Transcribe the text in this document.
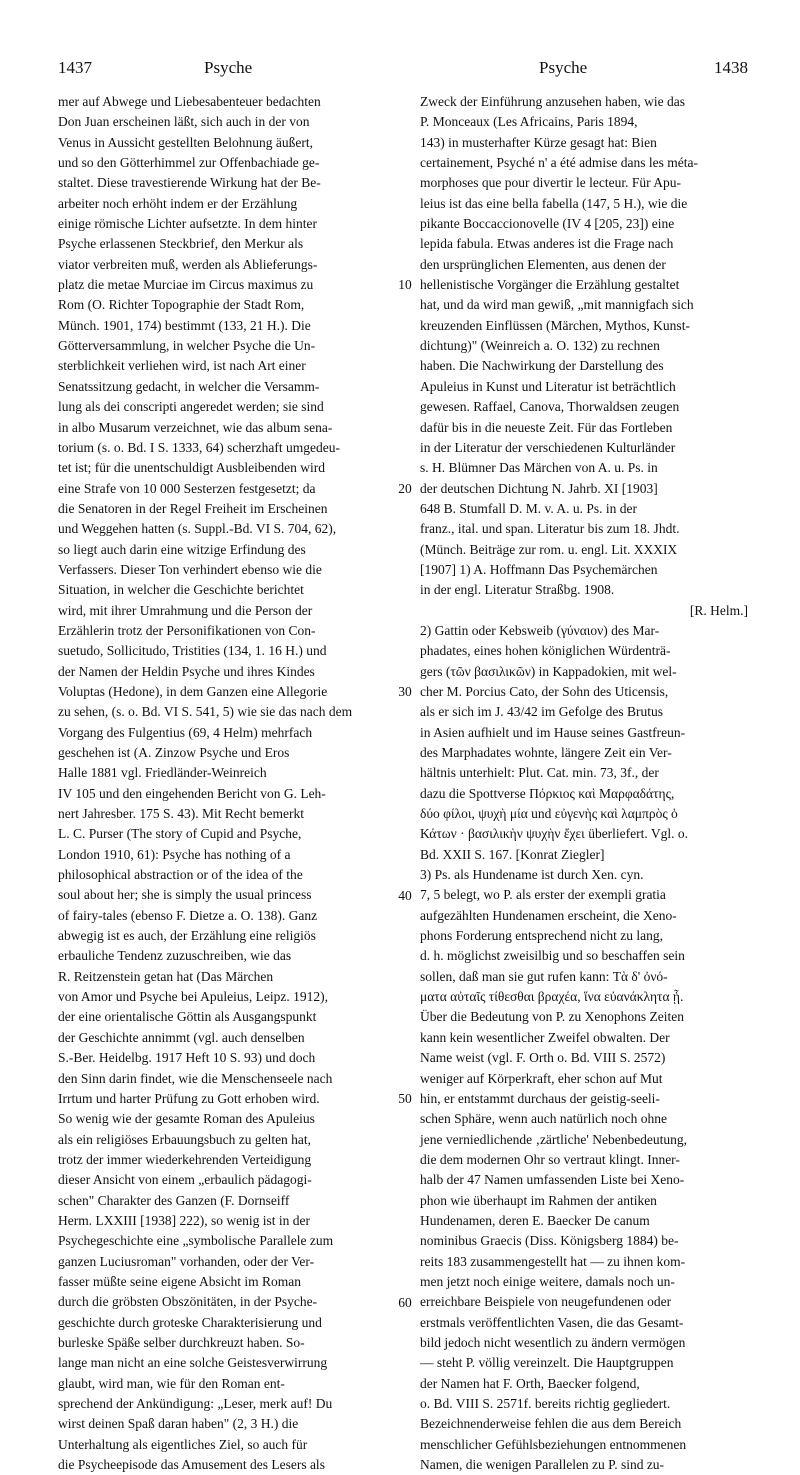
1437	Psyche	Psyche	1438
mer auf Abwege und Liebesabenteuer bedachten
Don Juan erscheinen läßt, sich auch in der von
Venus in Aussicht gestellten Belohnung äußert,
und so den Götterhimmel zur Offenbachiade ge-
staltet. Diese travestierende Wirkung hat der Be-
arbeiter noch erhöht indem er der Erzählung
einige römische Lichter aufsetzte. In dem hinter
Psyche erlassenen Steckbrief, den Merkur als
viator verbreiten muß, werden als Ablieferungs-
platz die metae Murciae im Circus maximus zu
Rom (O. Richter Topographie der Stadt Rom,
Münch. 1901, 174) bestimmt (133, 21 H.). Die
Götterversammlung, in welcher Psyche die Un-
sterblichkeit verliehen wird, ist nach Art einer
Senatssitzung gedacht, in welcher die Versamm-
lung als dei conscripti angeredet werden; sie sind
in albo Musarum verzeichnet, wie das album sena-
torium (s. o. Bd. I S. 1333, 64) scherzhaft umgedeu-
tet ist; für die unentschuldigt Ausbleibenden wird
eine Strafe von 10 000 Sesterzen festgesetzt; da
die Senatoren in der Regel Freiheit im Erscheinen
und Weggehen hatten (s. Suppl.-Bd. VI S. 704, 62),
so liegt auch darin eine witzige Erfindung des
Verfassers. Dieser Ton verhindert ebenso wie die
Situation, in welcher die Geschichte berichtet
wird, mit ihrer Umrahmung und die Person der
Erzählerin trotz der Personifikationen von Con-
suetudo, Sollicitudo, Tristities (134, 1. 16 H.) und
der Namen der Heldin Psyche und ihres Kindes
Voluptas (Hedone), in dem Ganzen eine Allegorie
zu sehen, (s. o. Bd. VI S. 541, 5) wie sie das nach dem
Vorgang des Fulgentius (69, 4 Helm) mehrfach
geschehen ist (A. Zinzow Psyche und Eros
Halle 1881 vgl. Friedländer-Weinreich
IV 105 und den eingehenden Bericht von G. Leh-
nert Jahresber. 175 S. 43). Mit Recht bemerkt
L. C. Purser (The story of Cupid and Psyche,
London 1910, 61): Psyche has nothing of a
philosophical abstraction or of the idea of the
soul about her; she is simply the usual princess
of fairy-tales (ebenso F. Dietze a. O. 138). Ganz
abwegig ist es auch, der Erzählung eine religiös
erbauliche Tendenz zuzuschreiben, wie das
R. Reitzenstein getan hat (Das Märchen
von Amor und Psyche bei Apuleius, Leipz. 1912),
der eine orientalische Göttin als Ausgangspunkt
der Geschichte annimmt (vgl. auch denselben
S.-Ber. Heidelbg. 1917 Heft 10 S. 93) und doch
den Sinn darin findet, wie die Menschenseele nach
Irrtum und harter Prüfung zu Gott erhoben wird.
So wenig wie der gesamte Roman des Apuleius
als ein religiöses Erbauungsbuch zu gelten hat,
trotz der immer wiederkehrenden Verteidigung
dieser Ansicht von einem „erbaulich pädagogi-
schen" Charakter des Ganzen (F. Dornseiff
Herm. LXXIII [1938] 222), so wenig ist in der
Psychegeschichte eine „symbolische Parallele zum
ganzen Luciusroman" vorhanden, oder der Ver-
fasser müßte seine eigene Absicht im Roman
durch die gröbsten Obszönitäten, in der Psyche-
geschichte durch groteske Charakterisierung und
burleske Späße selber durchkreuzt haben. So-
lange man nicht an eine solche Geistesverwirrung
glaubt, wird man, wie für den Roman ent-
sprechend der Ankündigung: „Leser, merk auf! Du
wirst deinen Spaß daran haben" (2, 3 H.) die
Unterhaltung als eigentliches Ziel, so auch für
die Psycheepisode das Amusement des Lesers als
10
20
30
40
50
60
Zweck der Einführung anzusehen haben, wie das
P. Monceaux (Les Africains, Paris 1894,
143) in musterhafter Kürze gesagt hat: Bien
certainement, Psyché n' a été admise dans les méta-
morphoses que pour divertir le lecteur. Für Apu-
leius ist das eine bella fabella (147, 5 H.), wie die
pikante Boccaccionovelle (IV 4 [205, 23]) eine
lepida fabula. Etwas anderes ist die Frage nach
den ursprünglichen Elementen, aus denen der
hellenistische Vorgänger die Erzählung gestaltet
hat, und da wird man gewiß, „mit mannigfach sich
kreuzenden Einflüssen (Märchen, Mythos, Kunst-
dichtung)" (Weinreich a. O. 132) zu rechnen
haben. Die Nachwirkung der Darstellung des
Apuleius in Kunst und Literatur ist beträchtlich
gewesen. Raffael, Canova, Thorwaldsen zeugen
dafür bis in die neueste Zeit. Für das Fortleben
in der Literatur der verschiedenen Kulturländer
s. H. Blümner Das Märchen von A. u. Ps. in
der deutschen Dichtung N. Jahrb. XI [1903]
648 B. Stumfall D. M. v. A. u. Ps. in der
franz., ital. und span. Literatur bis zum 18. Jhdt.
(Münch. Beiträge zur rom. u. engl. Lit. XXXIX
[1907] 1) A. Hoffmann Das Psychemärchen
in der engl. Literatur Straßbg. 1908.
[R. Helm.]
2) Gattin oder Kebsweib (γύναιον) des Mar-
phadates, eines hohen königlichen Würdenträ-
gers (τῶν βασιλικῶν) in Kappadokien, mit wel-
cher M. Porcius Cato, der Sohn des Uticensis,
als er sich im J. 43/42 im Gefolge des Brutus
in Asien aufhielt und im Hause seines Gastfreun-
des Marphadates wohnte, längere Zeit ein Ver-
hältnis unterhielt: Plut. Cat. min. 73, 3f., der
dazu die Spottverse Πόρκιος καὶ Μαρφαδάτης,
δύο φίλοι, ψυχὴ μία und εὐγενὴς καὶ λαμπρὸς ὁ
Κάτων · βασιλικὴν ψυχὴν ἔχει überliefert. Vgl. o.
Bd. XXII S. 167. [Konrat Ziegler]
3) Ps. als Hundename ist durch Xen. cyn.
7, 5 belegt, wo P. als erster der exempli gratia
aufgezählten Hundenamen erscheint, die Xeno-
phons Forderung entsprechend nicht zu lang,
d. h. möglichst zweisilbig und so beschaffen sein
sollen, daß man sie gut rufen kann: Τὰ δ' ὀνό-
ματα αὐταῖς τίθεσθαι βραχέα, ἵνα εὐανάκλητα ᾖ.
Über die Bedeutung von P. zu Xenophons Zeiten
kann kein wesentlicher Zweifel obwalten. Der
Name weist (vgl. F. Orth o. Bd. VIII S. 2572)
weniger auf Körperkraft, eher schon auf Mut
hin, er entstammt durchaus der geistig-seeli-
schen Sphäre, wenn auch natürlich noch ohne
jene verniedlichende ‚zärtliche' Nebenbedeutung,
die dem modernen Ohr so vertraut klingt. Inner-
halb der 47 Namen umfassenden Liste bei Xeno-
phon wie überhaupt im Rahmen der antiken
Hundenamen, deren E. Baecker De canum
nominibus Graecis (Diss. Königsberg 1884) be-
reits 183 zusammengestellt hat — zu ihnen kom-
men jetzt noch einige weitere, damals noch un-
erreichbare Beispiele von neugefundenen oder
erstmals veröffentlichten Vasen, die das Gesamt-
bild jedoch nicht wesentlich zu ändern vermögen
— steht P. völlig vereinzelt. Die Hauptgruppen
der Namen hat F. Orth, Baecker folgend,
o. Bd. VIII S. 2571f. bereits richtig gegliedert.
Bezeichnenderweise fehlen die aus dem Bereich
menschlicher Gefühlsbeziehungen entnommenen
Namen, die wenigen Parallelen zu P. sind zu-
